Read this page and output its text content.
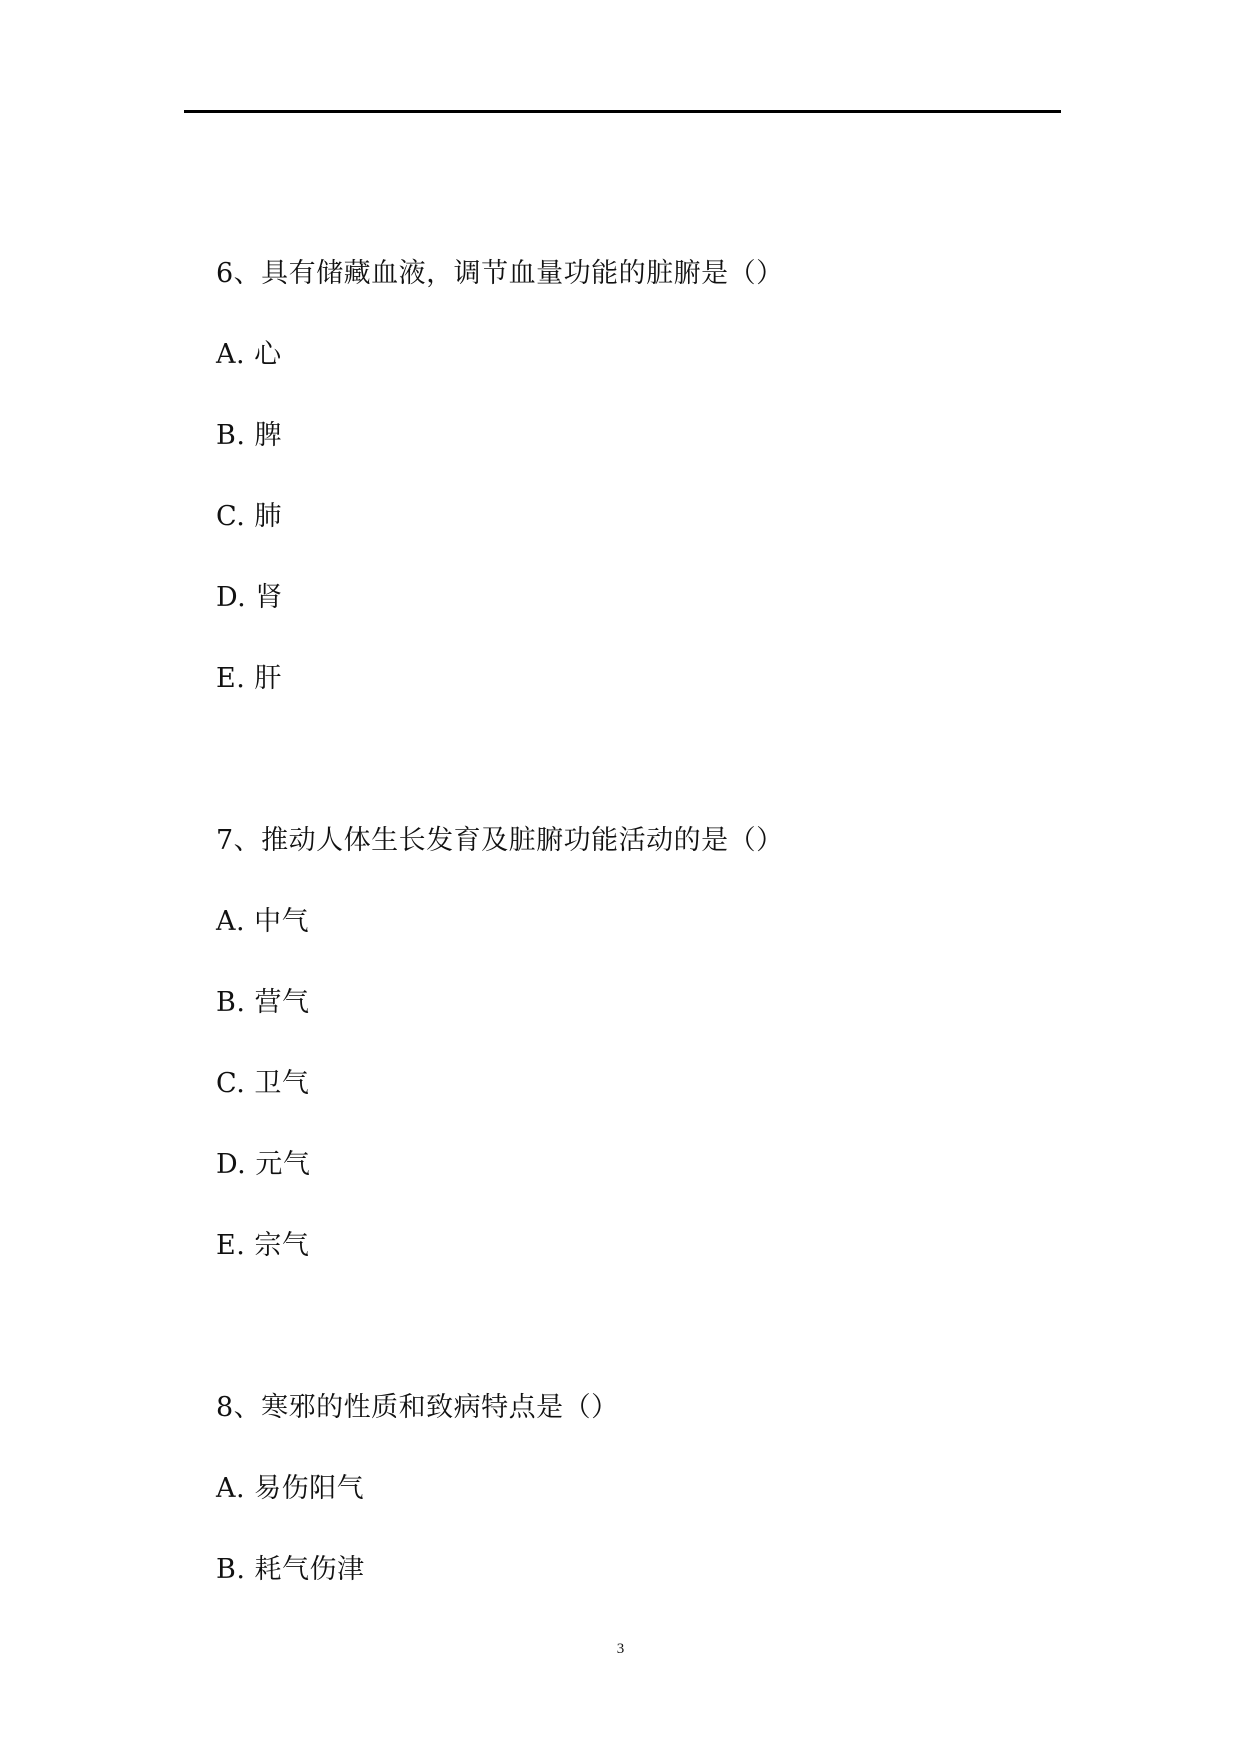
6、具有储藏血液，调节血量功能的脏腑是（）
A. 心
B. 脾
C. 肺
D. 肾
E. 肝
7、推动人体生长发育及脏腑功能活动的是（）
A. 中气
B. 营气
C. 卫气
D. 元气
E. 宗气
8、寒邪的性质和致病特点是（）
A. 易伤阳气
B. 耗气伤津
3
